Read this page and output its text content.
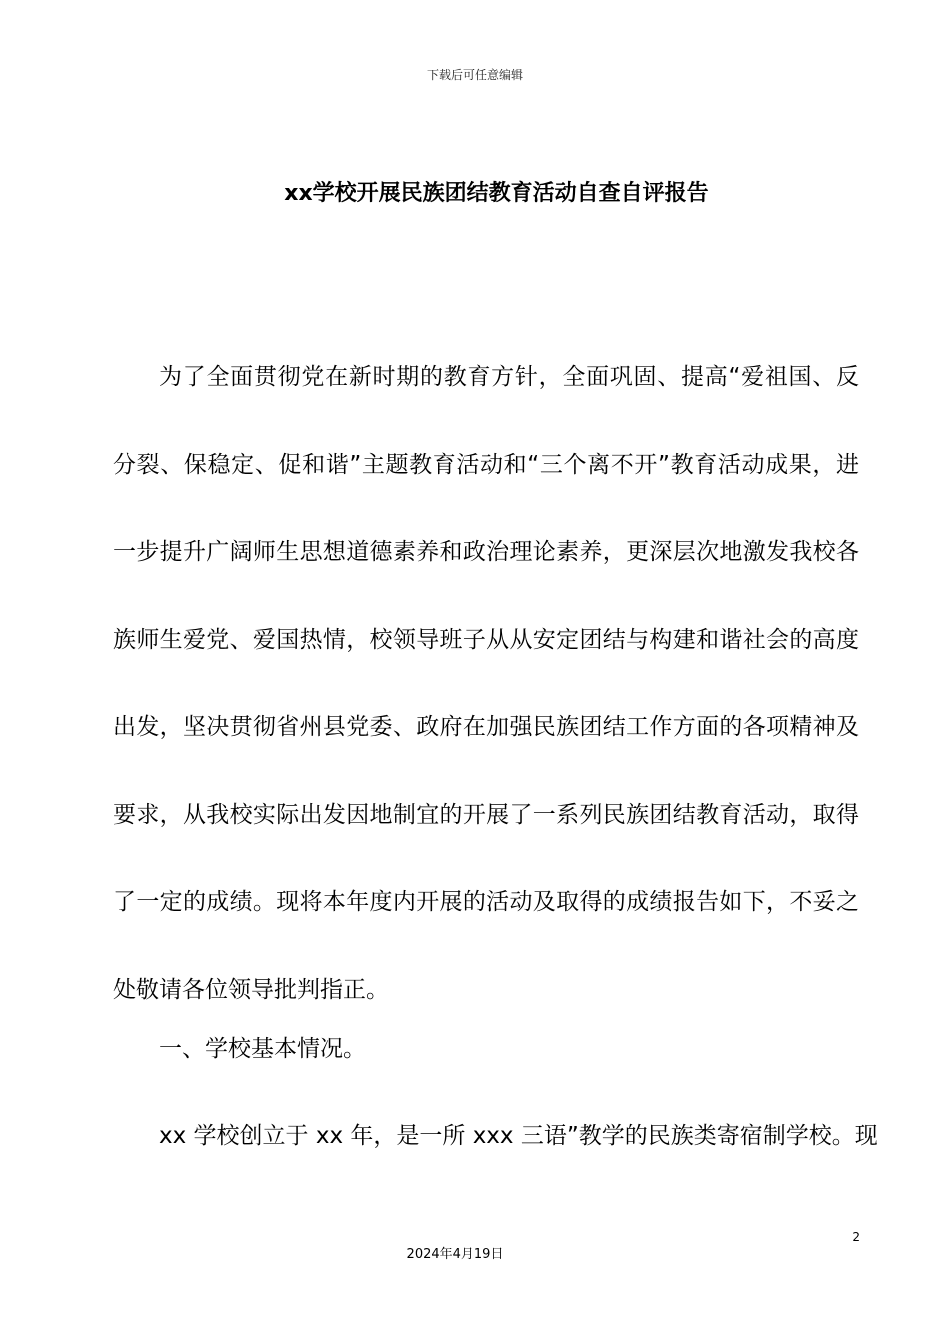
下载后可任意编辑
xx学校开展民族团结教育活动自查自评报告

为了全面贯彻党在新时期的教育方针，全面巩固、提高“爱祖国、反分裂、保稳定、促和谐”主题教育活动和“三个离不开”教育活动成果，进一步提升广阔师生思想道德素养和政治理论素养，更深层次地激发我校各族师生爱党、爱国热情，校领导班子从从安定团结与构建和谐社会的高度出发，坚决贯彻省州县党委、政府在加强民族团结工作方面的各项精神及要求，从我校实际出发因地制宜的开展了一系列民族团结教育活动，取得了一定的成绩。现将本年度内开展的活动及取得的成绩报告如下，不妥之处敬请各位领导批判指正。

一、学校基本情况。

xx 学校创立于 xx 年，是一所 xxx 三语”教学的民族类寄宿制学校。现

2
2024年4月19日
